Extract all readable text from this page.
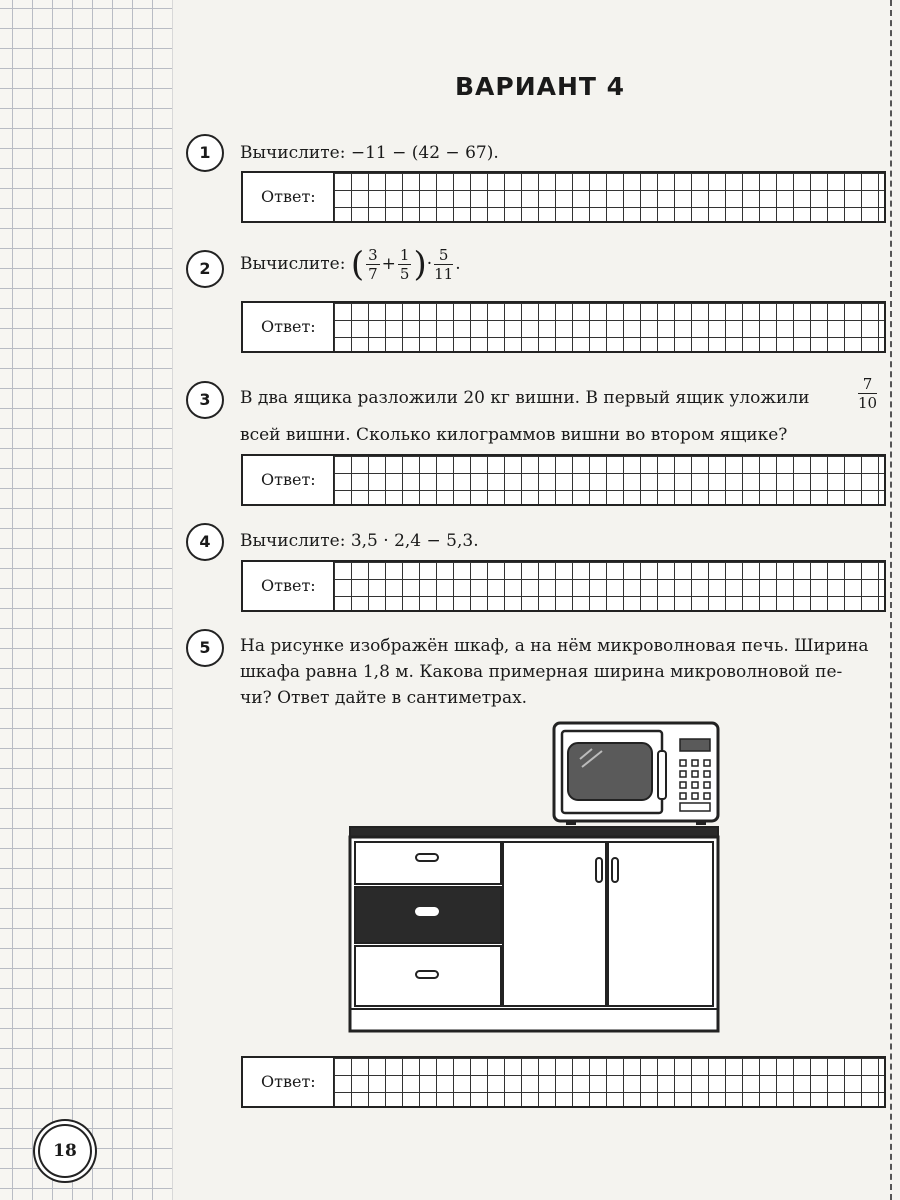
ВАРИАНТ 4
1	Вычислите: −11 − (42 − 67).
Ответ:
2	Вычислите: ( $\frac{3}{7} + \frac{1}{5}$ )· $\frac{5}{11}$ .
Ответ:
3	В два ящика разложили 20 кг вишни. В первый ящик уложили	$\frac{7}{10}$
всей вишни. Сколько килограммов вишни во втором ящике?
Ответ:
4	Вычислите: 3,5 · 2,4 − 5,3.
Ответ:
5	На рисунке изображён шкаф, а на нём микроволновая печь. Ширина
шкафа равна 1,8 м. Какова примерная ширина микроволновой пе-
чи? Ответ дайте в сантиметрах.
Ответ:
18
